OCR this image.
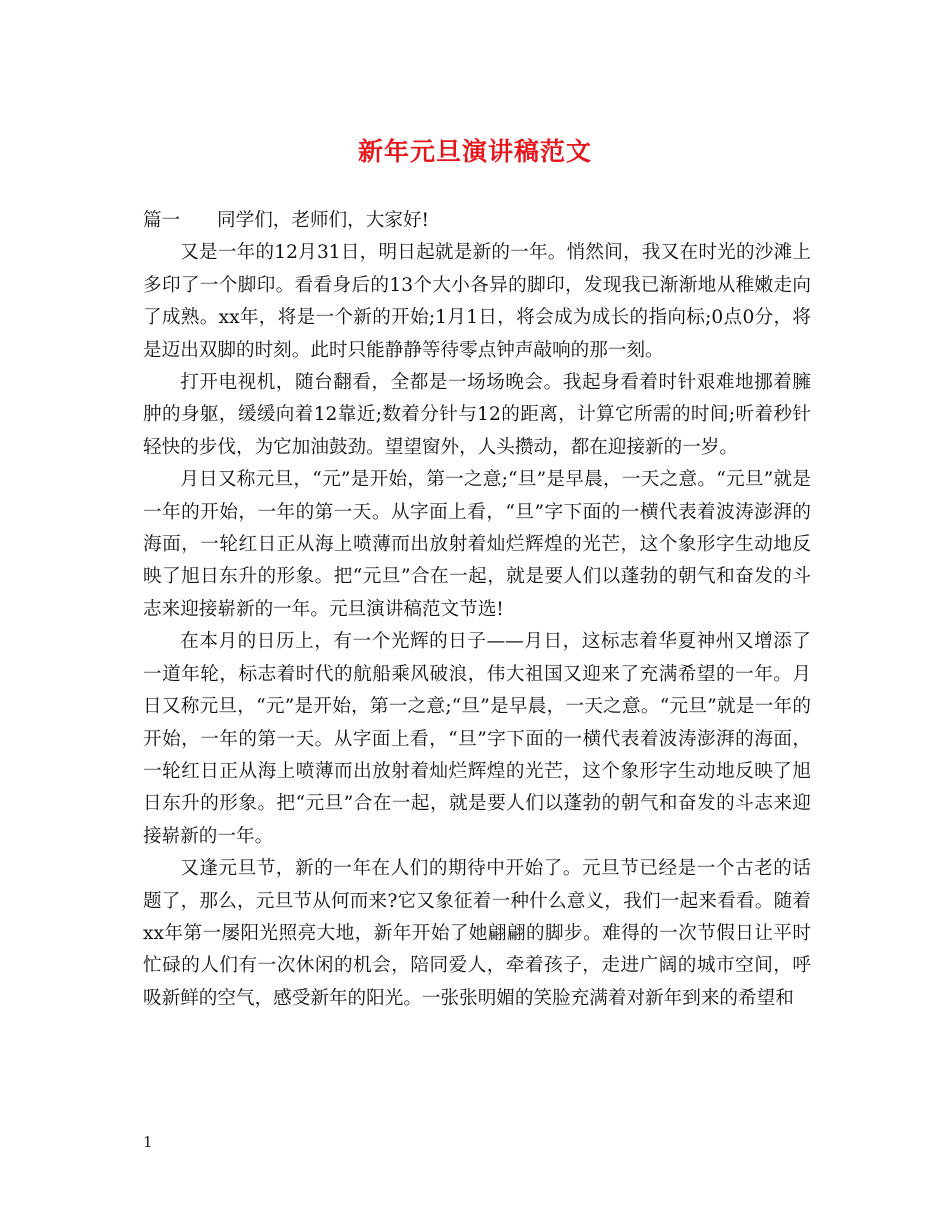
新年元旦演讲稿范文

篇一 同学们，老师们，大家好!

又是一年的12月31日，明日起就是新的一年。悄然间，我又在时光的沙滩上多印了一个脚印。看看身后的13个大小各异的脚印，发现我已渐渐地从稚嫩走向了成熟。xx年，将是一个新的开始;1月1日，将会成为成长的指向标;0点0分，将是迈出双脚的时刻。此时只能静静等待零点钟声敲响的那一刻。

打开电视机，随台翻看，全都是一场场晚会。我起身看着时针艰难地挪着臃肿的身躯，缓缓向着12靠近;数着分针与12的距离，计算它所需的时间;听着秒针轻快的步伐，为它加油鼓劲。望望窗外，人头攒动，都在迎接新的一岁。

月日又称元旦，“元”是开始，第一之意;“旦”是早晨，一天之意。“元旦”就是一年的开始，一年的第一天。从字面上看，“旦”字下面的一横代表着波涛澎湃的海面，一轮红日正从海上喷薄而出放射着灿烂辉煌的光芒，这个象形字生动地反映了旭日东升的形象。把“元旦”合在一起，就是要人们以蓬勃的朝气和奋发的斗志来迎接崭新的一年。元旦演讲稿范文节选!

在本月的日历上，有一个光辉的日子——月日，这标志着华夏神州又增添了一道年轮，标志着时代的航船乘风破浪，伟大祖国又迎来了充满希望的一年。月日又称元旦，“元”是开始，第一之意;“旦”是早晨，一天之意。“元旦”就是一年的开始，一年的第一天。从字面上看，“旦”字下面的一横代表着波涛澎湃的海面，一轮红日正从海上喷薄而出放射着灿烂辉煌的光芒，这个象形字生动地反映了旭日东升的形象。把“元旦”合在一起，就是要人们以蓬勃的朝气和奋发的斗志来迎接崭新的一年。

又逢元旦节，新的一年在人们的期待中开始了。元旦节已经是一个古老的话题了，那么，元旦节从何而来?它又象征着一种什么意义，我们一起来看看。随着xx年第一屡阳光照亮大地，新年开始了她翩翩的脚步。难得的一次节假日让平时忙碌的人们有一次休闲的机会，陪同爱人，牵着孩子，走进广阔的城市空间，呼吸新鲜的空气，感受新年的阳光。一张张明媚的笑脸充满着对新年到来的希望和

1
